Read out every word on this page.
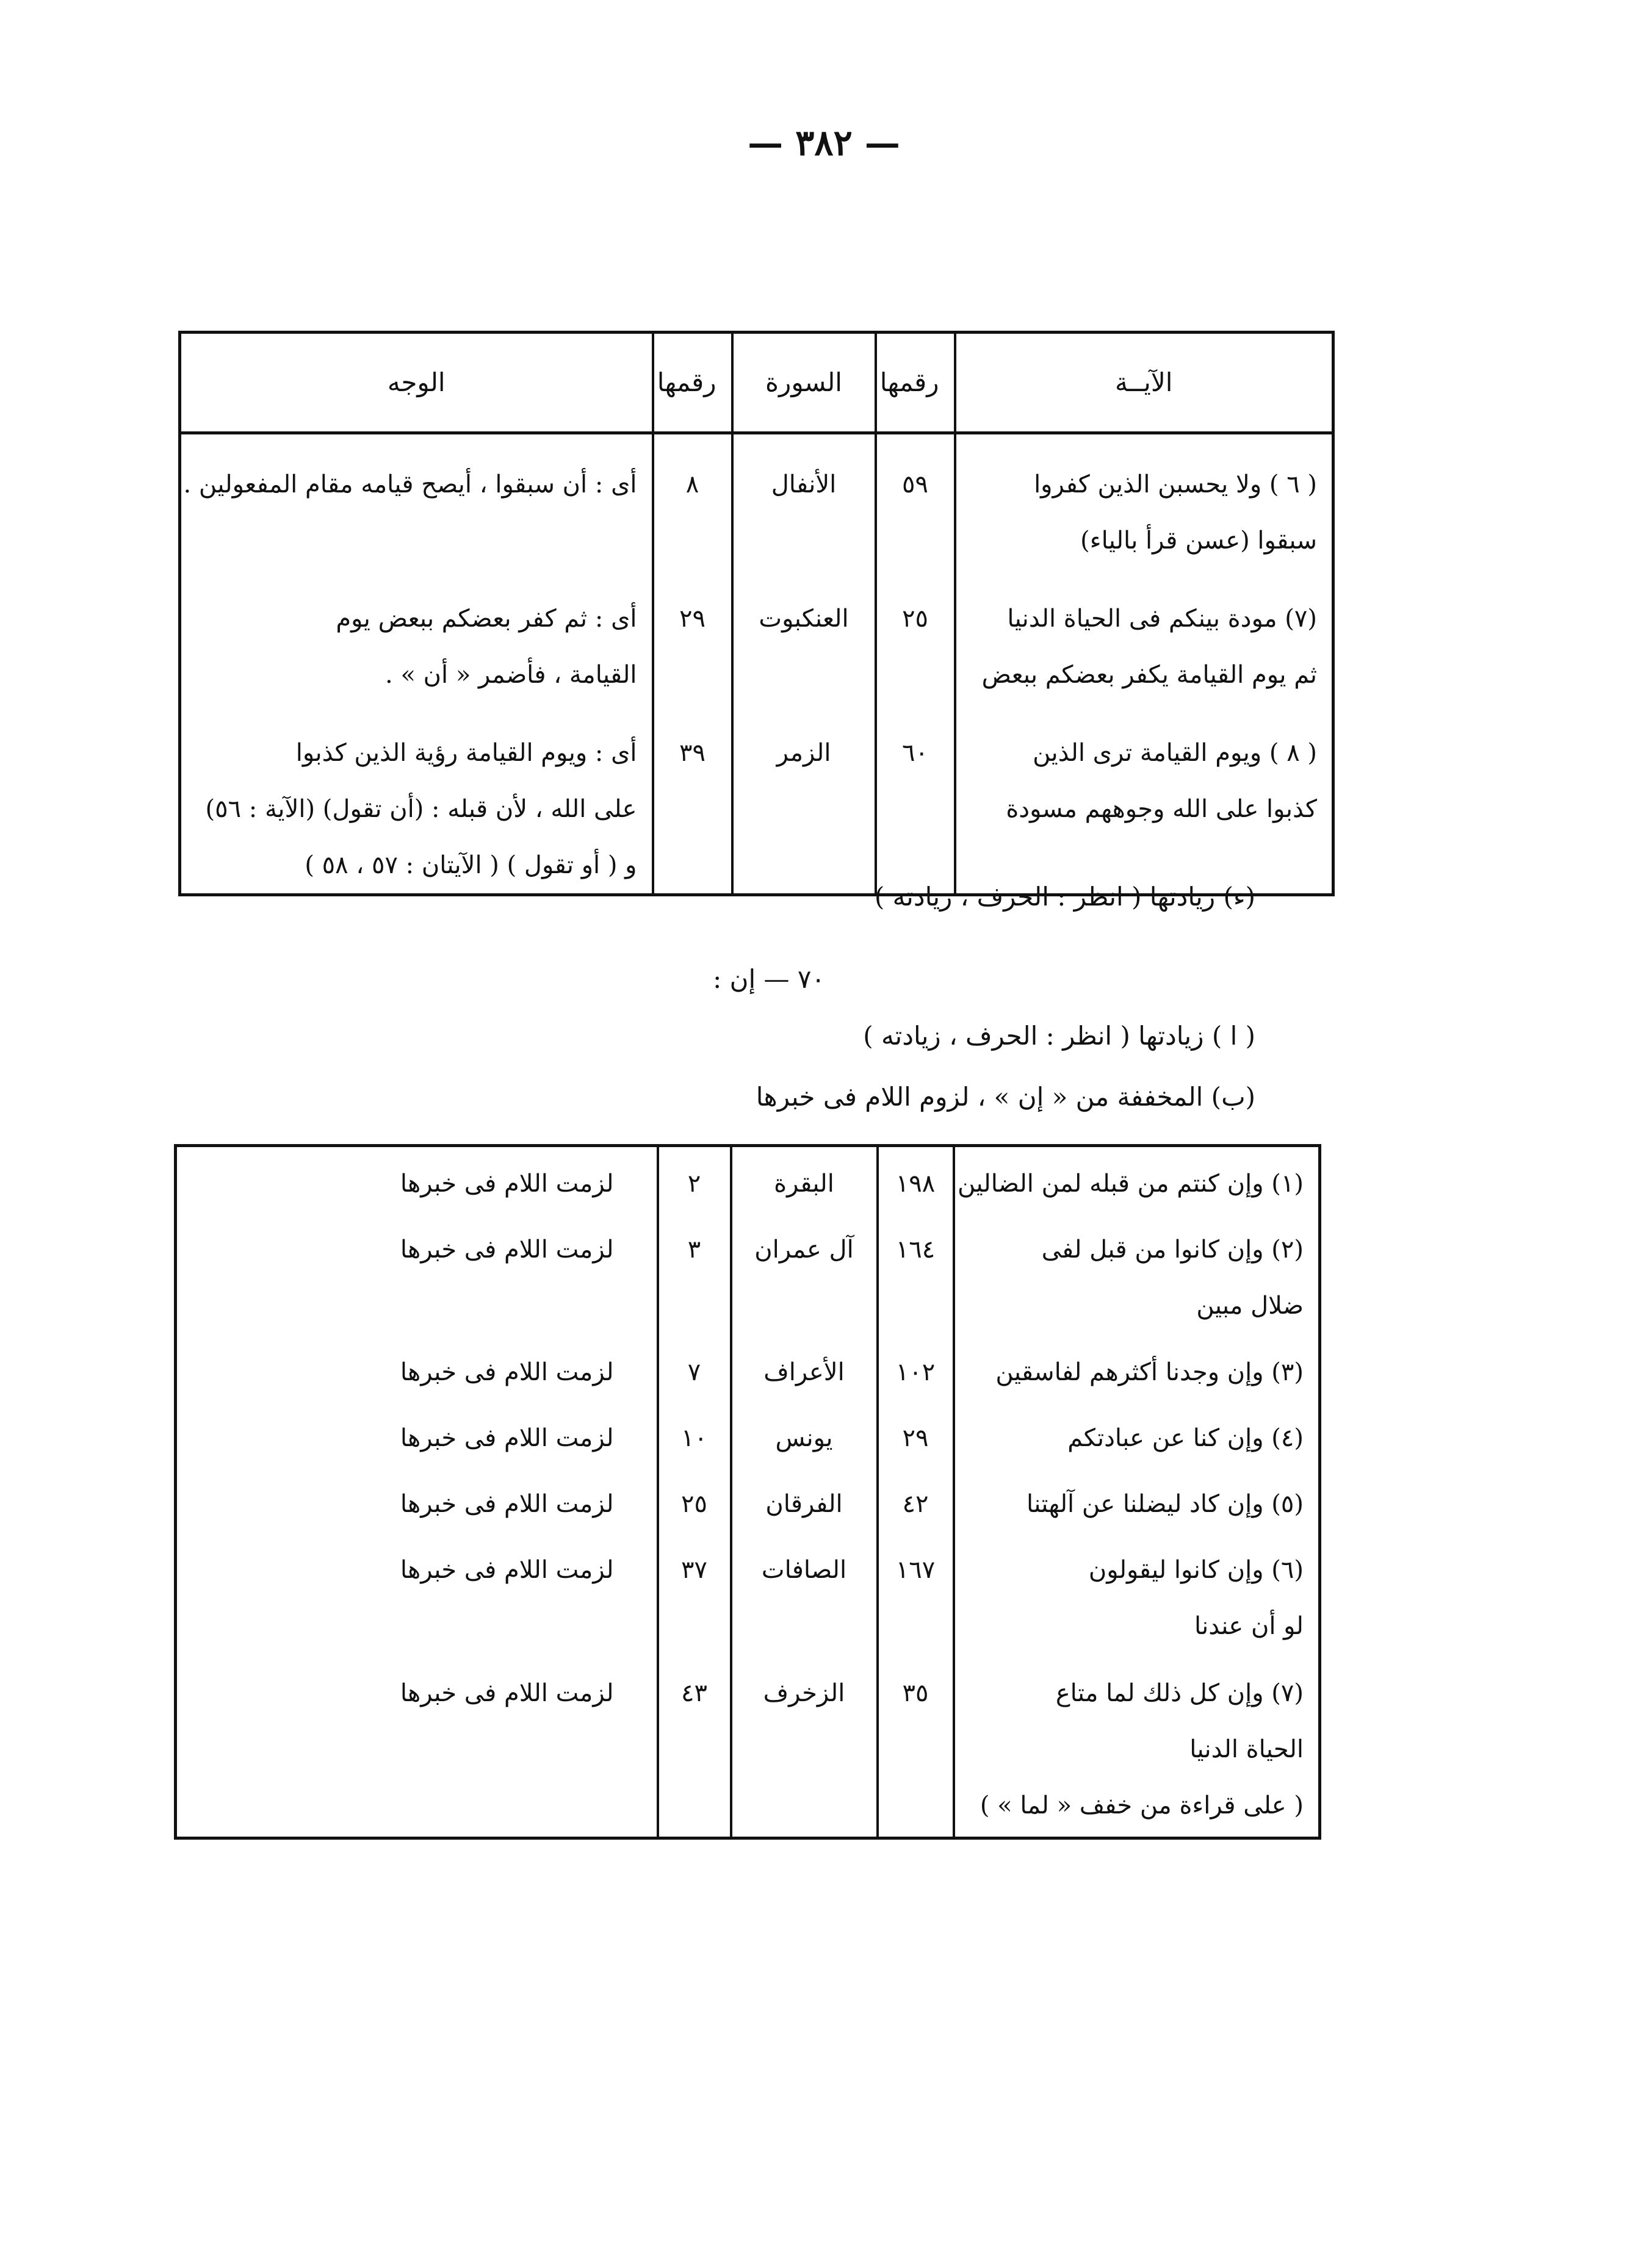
— ٣٨٢ —
الآيــة	رقمها	السورة	رقمها	الوجه

( ٦ ) ولا يحسبن الذين كفروا
سبقوا (عسن قرأ بالياء)	٥٩	الأنفال	٨	أى : أن سبقوا ، أيصح قيامه مقام المفعولين .

(٧) مودة بينكم فى الحياة الدنيا
ثم يوم القيامة يكفر بعضكم ببعض	٢٥	العنكبوت	٢٩	أى : ثم كفر بعضكم ببعض يوم
القيامة ، فأضمر « أن » .

( ٨ ) ويوم القيامة ترى الذين
كذبوا على الله وجوههم مسودة	٦٠	الزمر	٣٩	أى : ويوم القيامة رؤية الذين كذبوا
على الله ، لأن قبله : (أن تقول) (الآية : ٥٦)
و ( أو تقول ) ( الآيتان : ٥٧ ، ٥٨ )
(ء) زيادتها ( انظر : الحرف ، زيادته )
٧٠ — إن :
( ا ) زيادتها ( انظر : الحرف ، زيادته )
(ب) المخففة من « إن » ، لزوم اللام فى خبرها
(١) وإن كنتم من قبله لمن الضالين	١٩٨	البقرة	٢	لزمت اللام فى خبرها

(٢) وإن كانوا من قبل لفى
ضلال مبين	١٦٤	آل عمران	٣	لزمت اللام فى خبرها

(٣) وإن وجدنا أكثرهم لفاسقين	١٠٢	الأعراف	٧	لزمت اللام فى خبرها

(٤) وإن كنا عن عبادتكم	٢٩	يونس	١٠	لزمت اللام فى خبرها

(٥) وإن كاد ليضلنا عن آلهتنا	٤٢	الفرقان	٢٥	لزمت اللام فى خبرها

(٦) وإن كانوا ليقولون
لو أن عندنا	١٦٧	الصافات	٣٧	لزمت اللام فى خبرها

(٧) وإن كل ذلك لما متاع
الحياة الدنيا
( على قراءة من خفف « لما » )	٣٥	الزخرف	٤٣	لزمت اللام فى خبرها
